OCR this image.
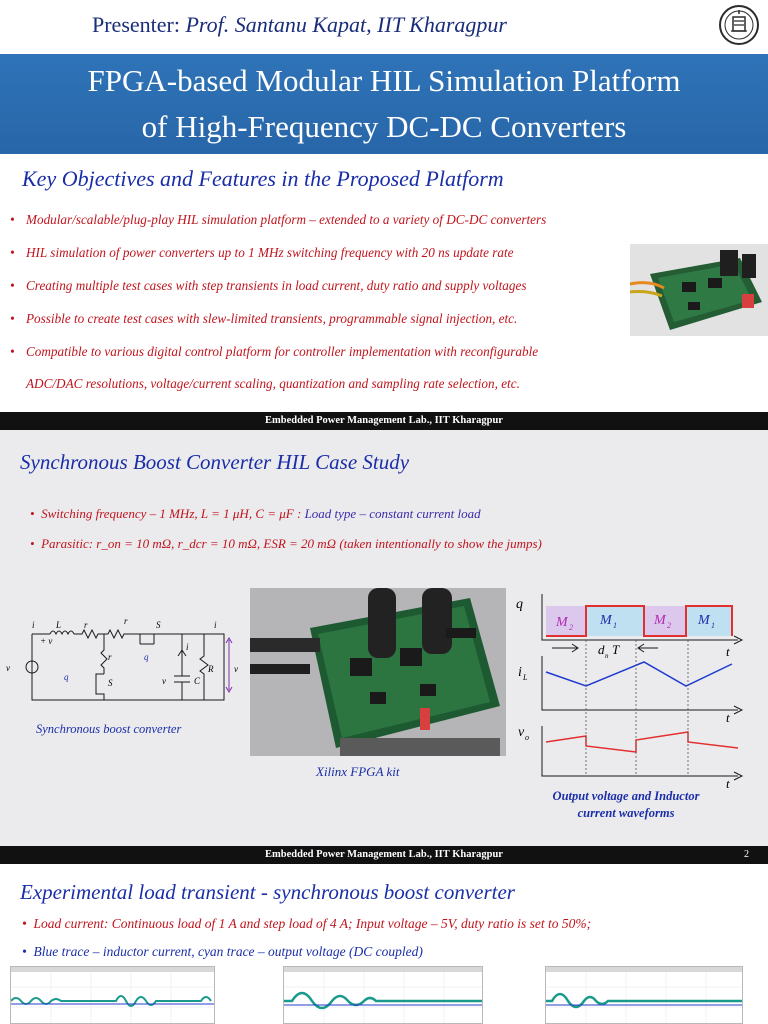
Presenter: Prof. Santanu Kapat, IIT Kharagpur
FPGA-based Modular HIL Simulation Platform
of High-Frequency DC-DC Converters
Key Objectives and Features in the Proposed Platform
• Modular/scalable/plug-play HIL simulation platform – extended to a variety of DC-DC converters
• HIL simulation of power converters up to 1 MHz switching frequency with 20 ns update rate
• Creating multiple test cases with step transients in load current, duty ratio and supply voltages
• Possible to create test cases with slew-limited transients, programmable signal injection, etc.
• Compatible to various digital control platform for controller implementation with reconfigurable
ADC/DAC resolutions, voltage/current scaling, quantization and sampling rate selection, etc.
Embedded Power Management Lab., IIT Kharagpur
Synchronous Boost Converter HIL Case Study
•  Switching frequency – 1 MHz, L = 1 μH, C = μF : Load type – constant current load
•  Parasitic: r_on = 10 mΩ, r_dcr = 10 mΩ, ESR = 20 mΩ (taken intentionally to show the jumps)
i L	r	r	S	i
+ v
r	q
i
v	R v
q
S	C
v
Synchronous boost converter
Xilinx FPGA kit
q
M 2 M 1	M 2 M 1
d n T	t
i L
t
v o
t
Output voltage and Inductor
current waveforms
Embedded Power Management Lab., IIT Kharagpur	2
Experimental load transient - synchronous boost converter
•  Load current: Continuous load of 1 A and step load of 4 A; Input voltage – 5V, duty ratio is set to 50%;
•  Blue trace – inductor current, cyan trace – output voltage (DC coupled)
